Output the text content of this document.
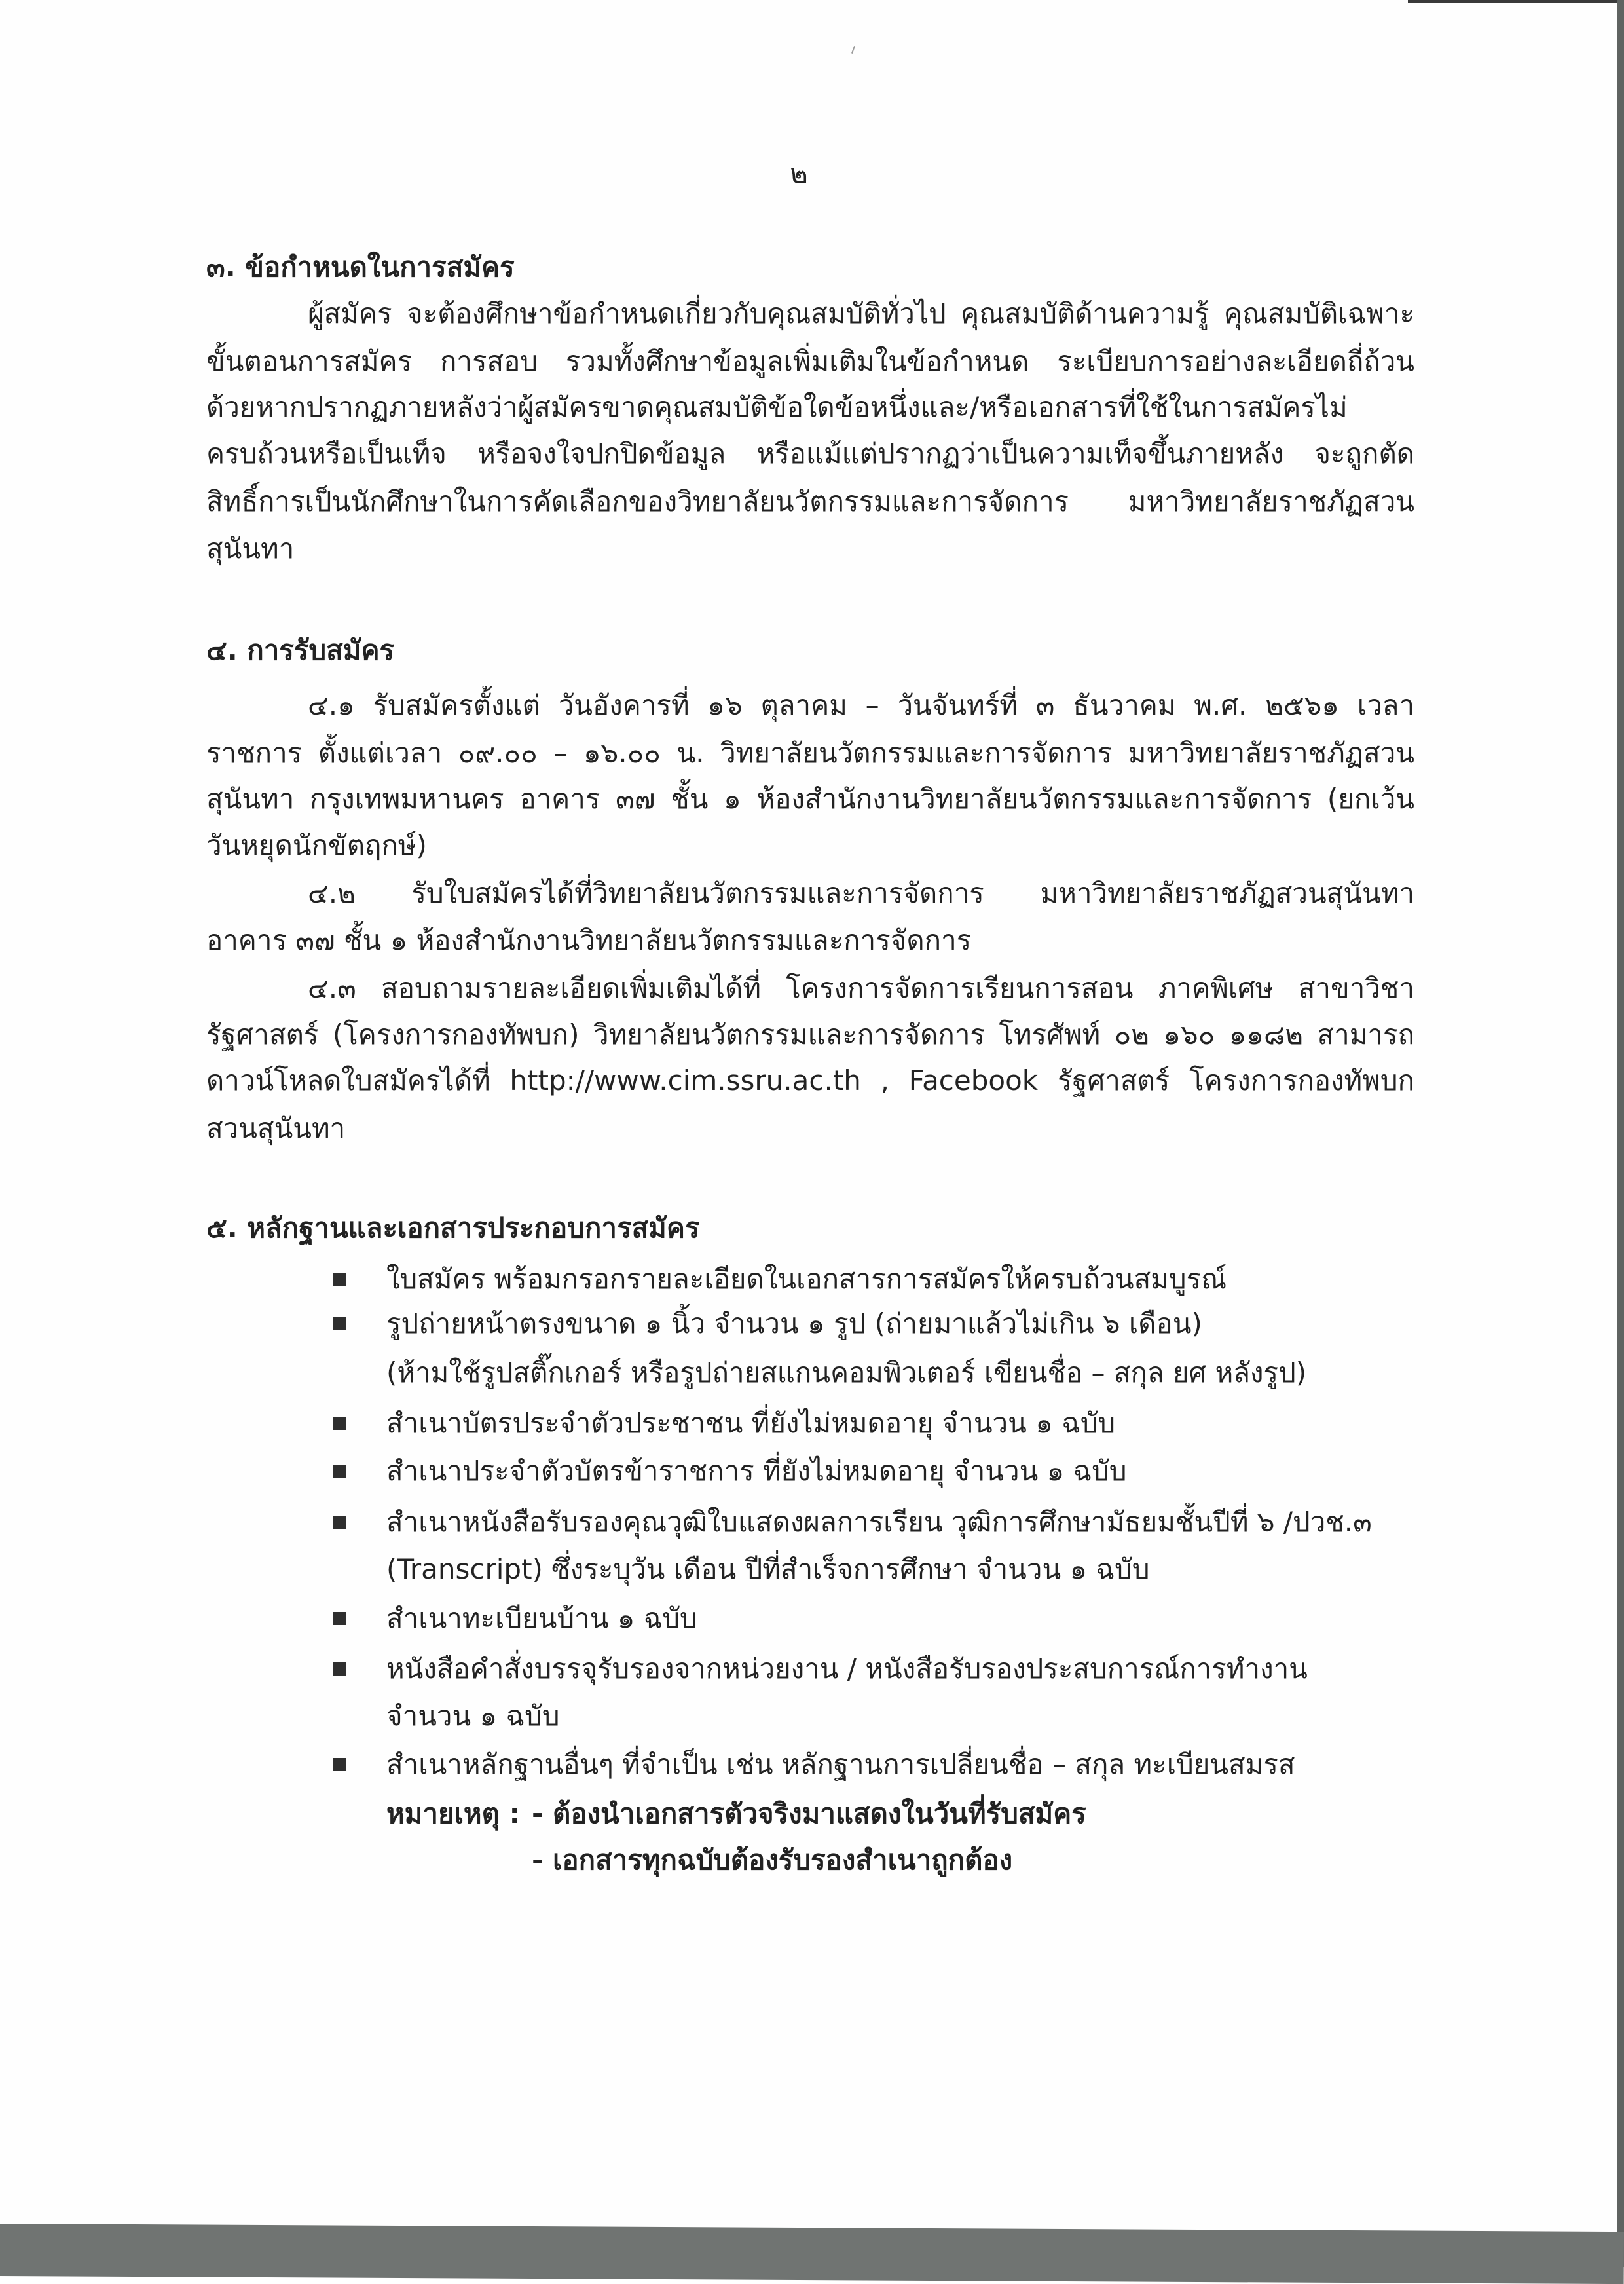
๒
๓. ข้อกำหนดในการสมัคร
ผู้สมัคร จะต้องศึกษาข้อกำหนดเกี่ยวกับคุณสมบัติทั่วไป คุณสมบัติด้านความรู้ คุณสมบัติเฉพาะ
ขั้นตอนการสมัคร การสอบ รวมทั้งศึกษาข้อมูลเพิ่มเติมในข้อกำหนด ระเบียบการอย่างละเอียดถี่ถ้วน
ด้วยหากปรากฏภายหลังว่าผู้สมัครขาดคุณสมบัติข้อใดข้อหนึ่งและ/หรือเอกสารที่ใช้ในการสมัครไม่
ครบถ้วนหรือเป็นเท็จ หรือจงใจปกปิดข้อมูล หรือแม้แต่ปรากฏว่าเป็นความเท็จขึ้นภายหลัง จะถูกตัด
สิทธิ์การเป็นนักศึกษาในการคัดเลือกของวิทยาลัยนวัตกรรมและการจัดการ มหาวิทยาลัยราชภัฏสวน
สุนันทา
๔. การรับสมัคร
๔.๑ รับสมัครตั้งแต่ วันอังคารที่ ๑๖ ตุลาคม – วันจันทร์ที่ ๓ ธันวาคม พ.ศ. ๒๕๖๑ เวลา
ราชการ ตั้งแต่เวลา ๐๙.๐๐ – ๑๖.๐๐ น. วิทยาลัยนวัตกรรมและการจัดการ มหาวิทยาลัยราชภัฏสวน
สุนันทา กรุงเทพมหานคร อาคาร ๓๗ ชั้น ๑ ห้องสำนักงานวิทยาลัยนวัตกรรมและการจัดการ (ยกเว้น
วันหยุดนักขัตฤกษ์)
๔.๒ รับใบสมัครได้ที่วิทยาลัยนวัตกรรมและการจัดการ มหาวิทยาลัยราชภัฏสวนสุนันทา
อาคาร ๓๗ ชั้น ๑ ห้องสำนักงานวิทยาลัยนวัตกรรมและการจัดการ
๔.๓ สอบถามรายละเอียดเพิ่มเติมได้ที่ โครงการจัดการเรียนการสอน ภาคพิเศษ สาขาวิชา
รัฐศาสตร์ (โครงการกองทัพบก) วิทยาลัยนวัตกรรมและการจัดการ โทรศัพท์ ๐๒ ๑๖๐ ๑๑๘๒ สามารถ
ดาวน์โหลดใบสมัครได้ที่ http://www.cim.ssru.ac.th , Facebook รัฐศาสตร์ โครงการกองทัพบก
สวนสุนันทา
๕. หลักฐานและเอกสารประกอบการสมัคร
ใบสมัคร พร้อมกรอกรายละเอียดในเอกสารการสมัครให้ครบถ้วนสมบูรณ์
รูปถ่ายหน้าตรงขนาด ๑ นิ้ว จำนวน ๑ รูป (ถ่ายมาแล้วไม่เกิน ๖ เดือน)
(ห้ามใช้รูปสติ๊กเกอร์ หรือรูปถ่ายสแกนคอมพิวเตอร์ เขียนชื่อ – สกุล ยศ หลังรูป)
สำเนาบัตรประจำตัวประชาชน ที่ยังไม่หมดอายุ จำนวน ๑ ฉบับ
สำเนาประจำตัวบัตรข้าราชการ ที่ยังไม่หมดอายุ จำนวน ๑ ฉบับ
สำเนาหนังสือรับรองคุณวุฒิใบแสดงผลการเรียน วุฒิการศึกษามัธยมชั้นปีที่ ๖ /ปวช.๓
(Transcript) ซึ่งระบุวัน เดือน ปีที่สำเร็จการศึกษา จำนวน ๑ ฉบับ
สำเนาทะเบียนบ้าน ๑ ฉบับ
หนังสือคำสั่งบรรจุรับรองจากหน่วยงาน / หนังสือรับรองประสบการณ์การทำงาน
จำนวน ๑ ฉบับ
สำเนาหลักฐานอื่นๆ ที่จำเป็น เช่น หลักฐานการเปลี่ยนชื่อ – สกุล ทะเบียนสมรส
หมายเหตุ : - ต้องนำเอกสารตัวจริงมาแสดงในวันที่รับสมัคร
- เอกสารทุกฉบับต้องรับรองสำเนาถูกต้อง
